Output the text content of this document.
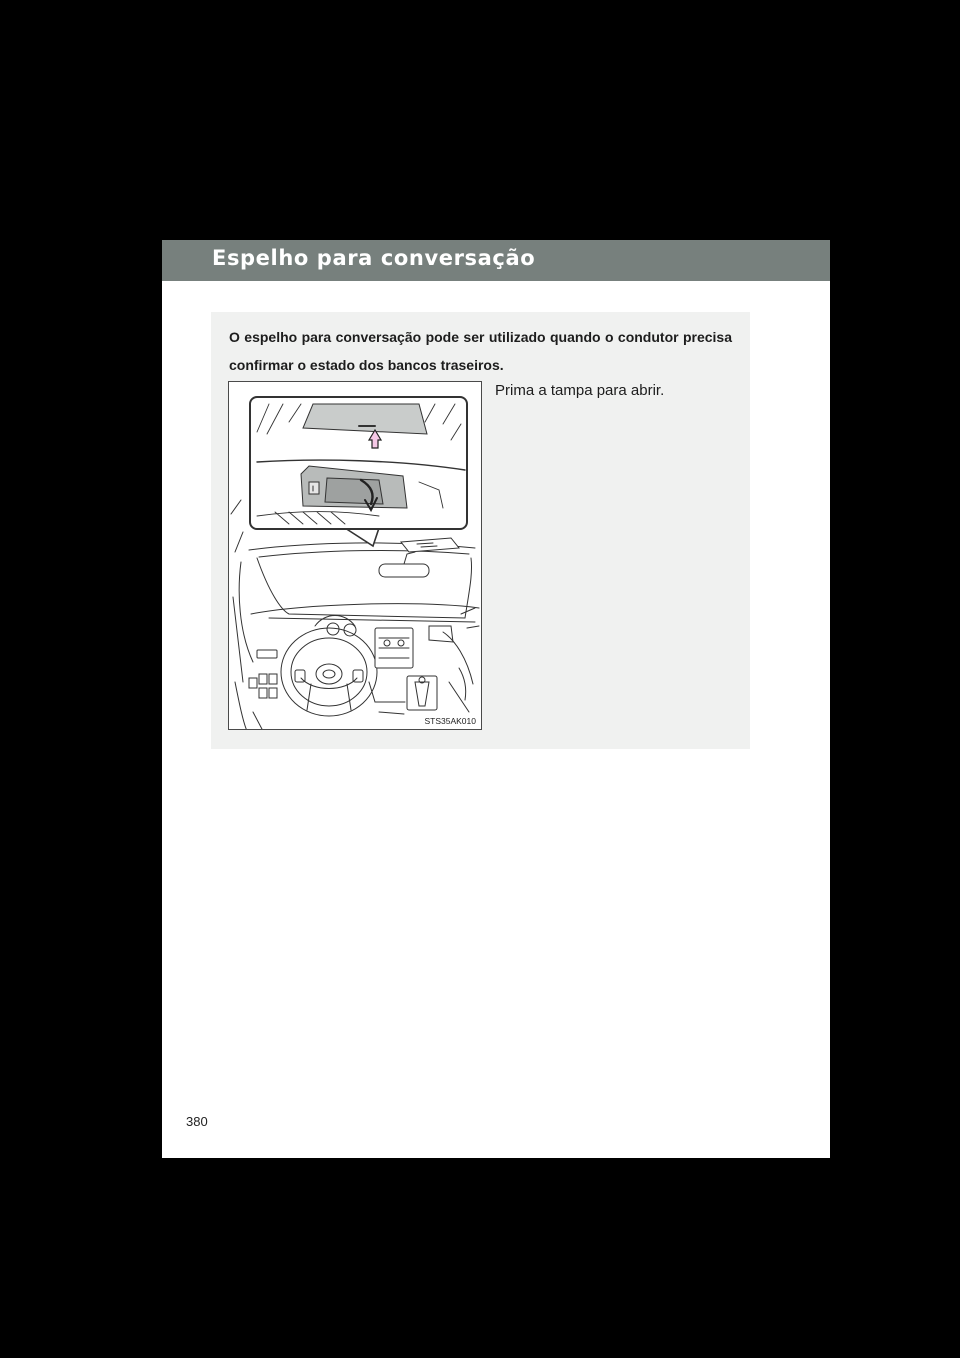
Espelho para conversação

O espelho para conversação pode ser utilizado quando o condutor precisa confirmar o estado dos bancos traseiros.

STS35AK010

Prima a tampa para abrir.

380
